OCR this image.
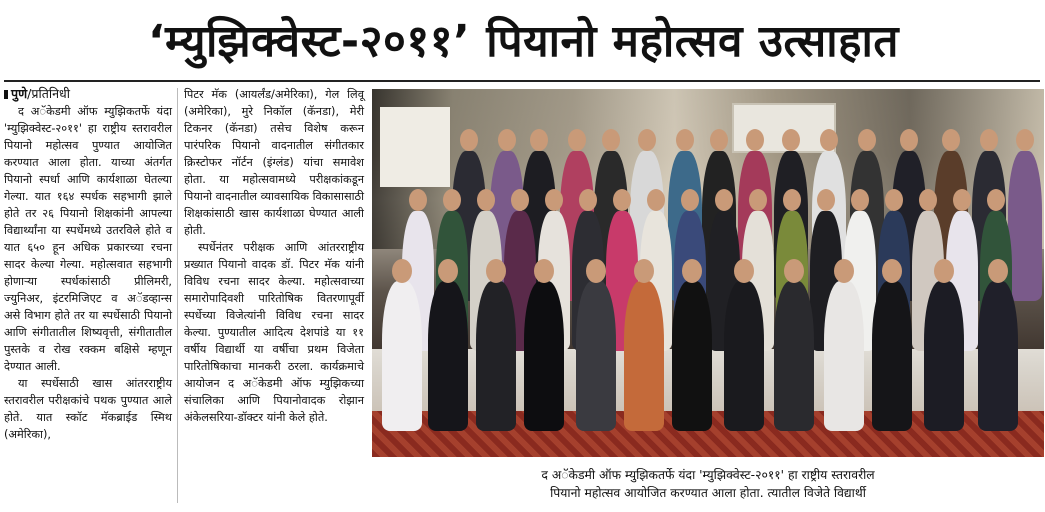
‘म्युझिक्वेस्ट-२०११’ पियानो महोत्सव उत्साहात
पुणे /प्रतिनिधी

द अॅकेडमी ऑफ म्युझिकतर्फे यंदा 'म्युझिक्वेस्ट-२०११' हा राष्ट्रीय स्तरावरील पियानो महोत्सव पुण्यात आयोजित करण्यात आला होता. याच्या अंतर्गत पियानो स्पर्धा आणि कार्यशाळा घेतल्या गेल्या. यात १६४ स्पर्धक सहभागी झाले होते तर २६ पियानो शिक्षकांनी आपल्या विद्यार्थ्यांना या स्पर्धेमध्ये उतरविले होते व यात ६५० हून अधिक प्रकारच्या रचना सादर केल्या गेल्या. महोत्सवात सहभागी होणाऱ्या स्पर्धकांसाठी प्रीलिमरी, ज्युनिअर, इंटरमिजिएट व अॅडव्हान्स असे विभाग होते तर या स्पर्धेसाठी पियानो आणि संगीतातील शिष्यवृत्ती, संगीतातील पुस्तके व रोख रक्कम बक्षिसे म्हणून देण्यात आली.

या स्पर्धेसाठी खास आंतरराष्ट्रीय स्तरावरील परीक्षकांचे पथक पुण्यात आले होते. यात स्कॉट मॅकब्राईड स्मिथ (अमेरिका),

पिटर मॅक (आयर्लंड/अमेरिका), गेल लिवू (अमेरिका), मुरे निकॉल (कॅनडा), मेरी टिकनर (कॅनडा) तसेच विशेष करून पारंपरिक पियानो वादनातील संगीतकार क्रिस्टोफर नॉर्टन (इंग्लंड) यांचा समावेश होता. या महोत्सवामध्ये परीक्षकांकडून पियानो वादनातील व्यावसायिक विकासासाठी शिक्षकांसाठी खास कार्यशाळा घेण्यात आली होती.

स्पर्धेनंतर परीक्षक आणि आंतरराष्ट्रीय प्रख्यात पियानो वादक डॉ. पिटर मॅक यांनी विविध रचना सादर केल्या. महोत्सवाच्या समारोपादिवशी पारितोषिक वितरणापूर्वी स्पर्धेच्या विजेत्यांनी विविध रचना सादर केल्या. पुण्यातील आदित्य देशपांडे या ११ वर्षीय विद्यार्थी या वर्षीचा प्रथम विजेता पारितोषिकाचा मानकरी ठरला. कार्यक्रमाचे आयोजन द अॅकेडमी ऑफ म्युझिकच्या संचालिका आणि पियानोवादक रोझान अंकेलसरिया-डॉक्टर यांनी केले होते.

द अॅकेडमी ऑफ म्युझिकतर्फे यंदा 'म्युझिक्वेस्ट-२०११' हा राष्ट्रीय स्तरावरील
पियानो महोत्सव आयोजित करण्यात आला होता. त्यातील विजेते विद्यार्थी
